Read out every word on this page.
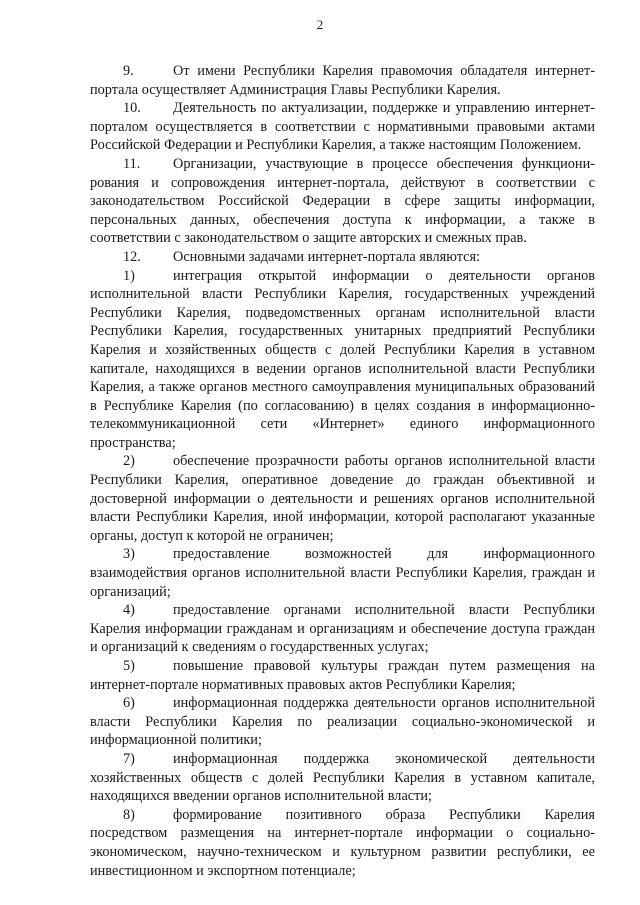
2

9.	От имени Республики Карелия правомочия обладателя интернет-портала осуществляет Администрация Главы Республики Карелия.

10. Деятельность по актуализации, поддержке и управлению интернет-порталом осуществляется в соответствии с нормативными правовыми актами Российской Федерации и Республики Карелия, а также настоящим Положением.

11. Организации, участвующие в процессе обеспечения функциони-рования и сопровождения интернет-портала, действуют в соответствии с законодательством Российской Федерации в сфере защиты информации, персональных данных, обеспечения доступа к информации, а также в соответствии с законодательством о защите авторских и смежных прав.

12. Основными задачами интернет-портала являются:

1)	интеграция открытой информации о деятельности органов исполнительной власти Республики Карелия, государственных учреждений Республики Карелия, подведомственных органам исполнительной власти Республики Карелия, государственных унитарных предприятий Республики Карелия и хозяйственных обществ с долей Республики Карелия в уставном капитале, находящихся в ведении органов исполнительной власти Республики Карелия, а также органов местного самоуправления муниципальных образований в Республике Карелия (по согласованию) в целях создания в информационно-телекоммуникационной сети «Интернет» единого информационного пространства;

2)	обеспечение прозрачности работы органов исполнительной власти Республики Карелия, оперативное доведение до граждан объективной и достоверной информации о деятельности и решениях органов исполнительной власти Республики Карелия, иной информации, которой располагают указанные органы, доступ к которой не ограничен;

3)	предоставление возможностей для информационного взаимодействия органов исполнительной власти Республики Карелия, граждан и организаций;

4)	предоставление органами исполнительной власти Республики Карелия информации гражданам и организациям и обеспечение доступа граждан и организаций к сведениям о государственных услугах;

5)	повышение правовой культуры граждан путем размещения на интернет-портале нормативных правовых актов Республики Карелия;

6)	информационная поддержка деятельности органов исполнительной власти Республики Карелия по реализации социально-экономической и информационной политики;

7)	информационная поддержка экономической деятельности хозяйственных обществ с долей Республики Карелия в уставном капитале, находящихся введении органов исполнительной власти;

8)	формирование позитивного образа Республики Карелия посредством размещения на интернет-портале информации о социально-экономическом, научно-техническом и культурном развитии республики, ее инвестиционном и экспортном потенциале;
